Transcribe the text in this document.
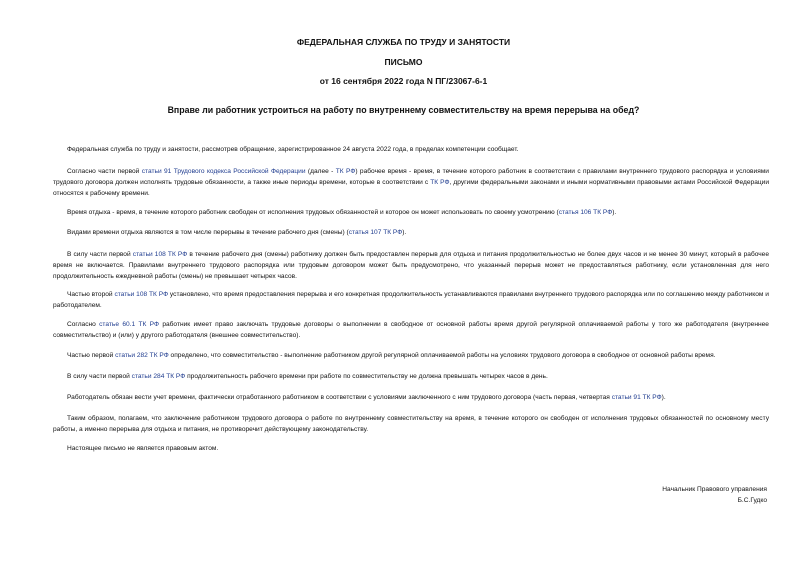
ФЕДЕРАЛЬНАЯ СЛУЖБА ПО ТРУДУ И ЗАНЯТОСТИ
ПИСЬМО
от 16 сентября 2022 года N ПГ/23067-6-1
Вправе ли работник устроиться на работу по внутреннему совместительству на время перерыва на обед?

Федеральная служба по труду и занятости, рассмотрев обращение, зарегистрированное 24 августа 2022 года, в пределах компетенции сообщает.

Согласно части первой статьи 91 Трудового кодекса Российской Федерации (далее - ТК РФ) рабочее время - время, в течение которого работник в соответствии с правилами внутреннего трудового распорядка и условиями трудового договора должен исполнять трудовые обязанности, а также иные периоды времени, которые в соответствии с ТК РФ, другими федеральными законами и иными нормативными правовыми актами Российской Федерации относятся к рабочему времени.

Время отдыха - время, в течение которого работник свободен от исполнения трудовых обязанностей и которое он может использовать по своему усмотрению (статья 106 ТК РФ).

Видами времени отдыха являются в том числе перерывы в течение рабочего дня (смены) (статья 107 ТК РФ).

В силу части первой статьи 108 ТК РФ в течение рабочего дня (смены) работнику должен быть предоставлен перерыв для отдыха и питания продолжительностью не более двух часов и не менее 30 минут, который в рабочее время не включается. Правилами внутреннего трудового распорядка или трудовым договором может быть предусмотрено, что указанный перерыв может не предоставляться работнику, если установленная для него продолжительность ежедневной работы (смены) не превышает четырех часов.

Частью второй статьи 108 ТК РФ установлено, что время предоставления перерыва и его конкретная продолжительность устанавливаются правилами внутреннего трудового распорядка или по соглашению между работником и работодателем.

Согласно статье 60.1 ТК РФ работник имеет право заключать трудовые договоры о выполнении в свободное от основной работы время другой регулярной оплачиваемой работы у того же работодателя (внутреннее совместительство) и (или) у другого работодателя (внешнее совместительство).

Частью первой статьи 282 ТК РФ определено, что совместительство - выполнение работником другой регулярной оплачиваемой работы на условиях трудового договора в свободное от основной работы время.

В силу части первой статьи 284 ТК РФ продолжительность рабочего времени при работе по совместительству не должна превышать четырех часов в день.

Работодатель обязан вести учет времени, фактически отработанного работником в соответствии с условиями заключенного с ним трудового договора (часть первая, четвертая статьи 91 ТК РФ).

Таким образом, полагаем, что заключение работником трудового договора о работе по внутреннему совместительству на время, в течение которого он свободен от исполнения трудовых обязанностей по основному месту работы, а именно перерыва для отдыха и питания, не противоречит действующему законодательству.

Настоящее письмо не является правовым актом.

Начальник Правового управления
Б.С.Гудко
